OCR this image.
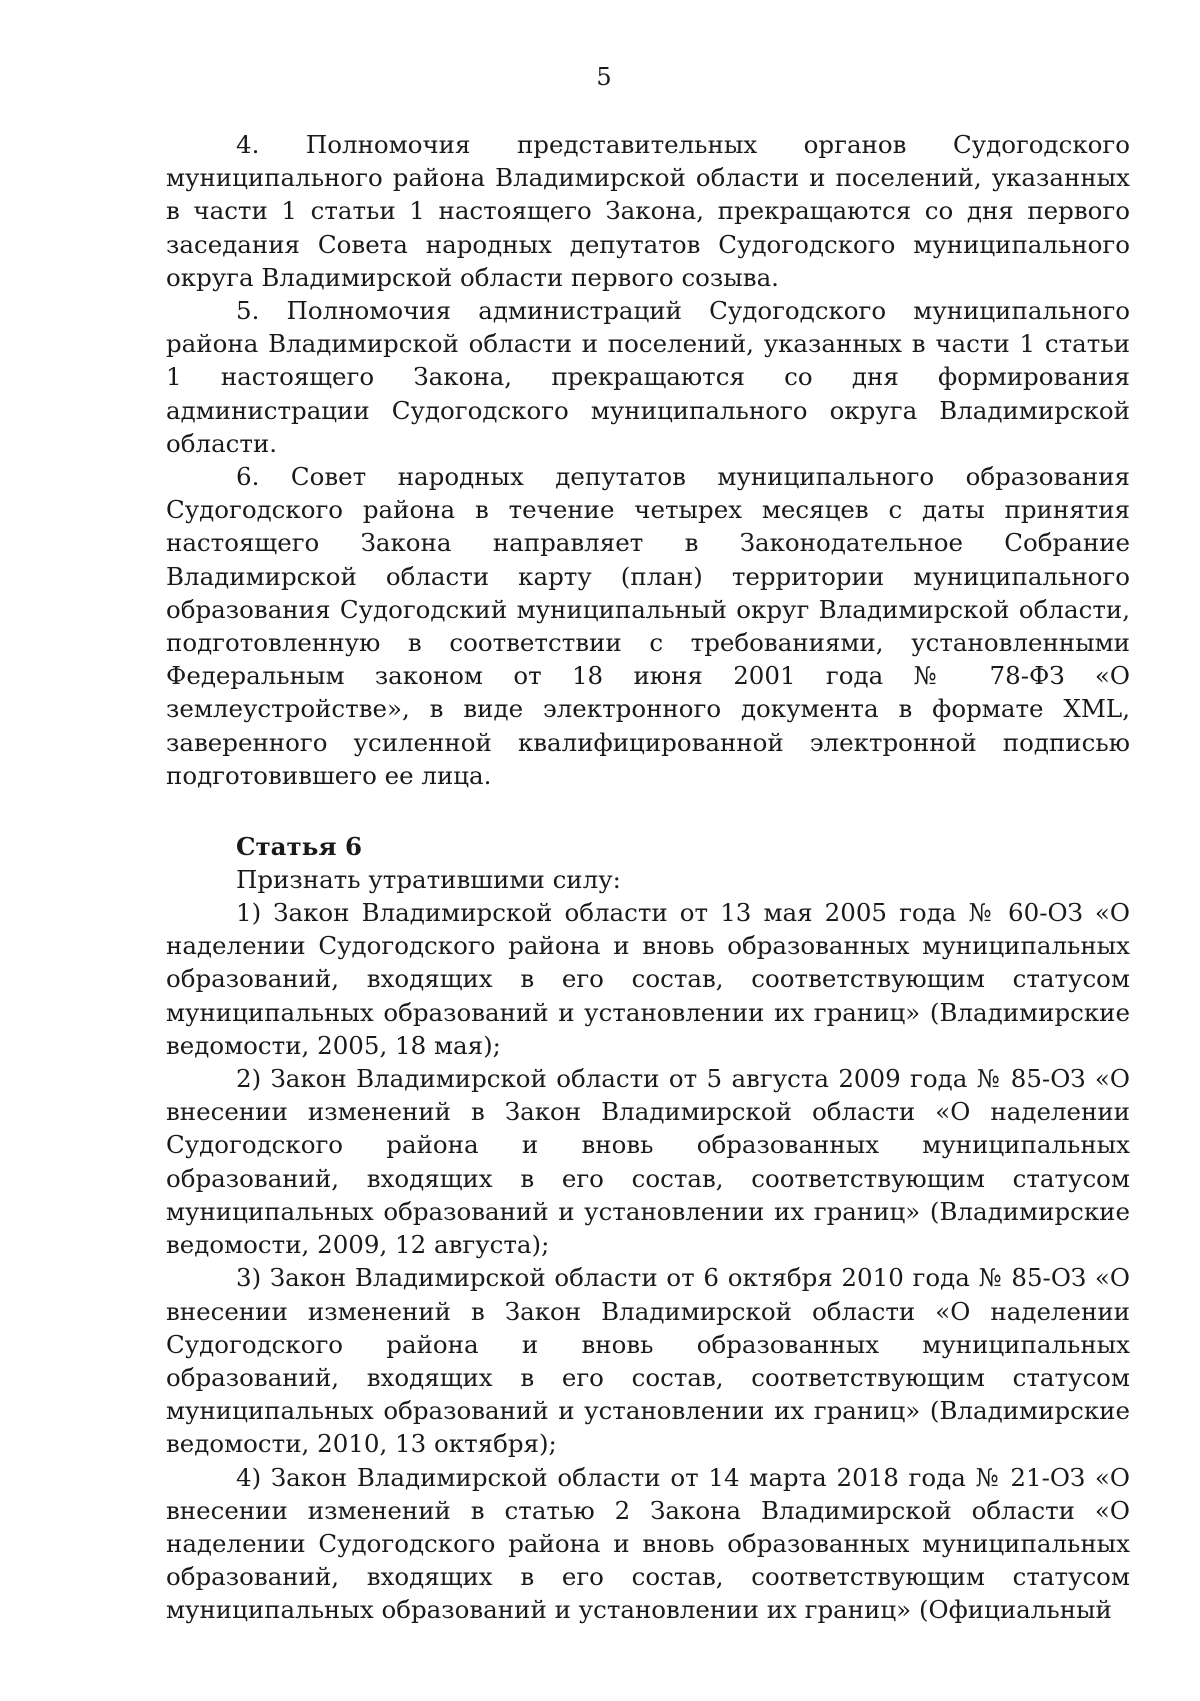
5

4. Полномочия представительных органов Судогодского муниципального района Владимирской области и поселений, указанных в части 1 статьи 1 настоящего Закона, прекращаются со дня первого заседания Совета народных депутатов Судогодского муниципального округа Владимирской области первого созыва.

5. Полномочия администраций Судогодского муниципального района Владимирской области и поселений, указанных в части 1 статьи 1 настоящего Закона, прекращаются со дня формирования администрации Судогодского муниципального округа Владимирской области.

6. Совет народных депутатов муниципального образования Судогодского района в течение четырех месяцев с даты принятия настоящего Закона направляет в Законодательное Собрание Владимирской области карту (план) территории муниципального образования Судогодский муниципальный округ Владимирской области, подготовленную в соответствии с требованиями, установленными Федеральным законом от 18 июня 2001 года № 78-ФЗ «О землеустройстве», в виде электронного документа в формате XML, заверенного усиленной квалифицированной электронной подписью подготовившего ее лица.

Статья 6
Признать утратившими силу:

1) Закон Владимирской области от 13 мая 2005 года № 60-ОЗ «О наделении Судогодского района и вновь образованных муниципальных образований, входящих в его состав, соответствующим статусом муниципальных образований и установлении их границ» (Владимирские ведомости, 2005, 18 мая);

2) Закон Владимирской области от 5 августа 2009 года № 85-ОЗ «О внесении изменений в Закон Владимирской области «О наделении Судогодского района и вновь образованных муниципальных образований, входящих в его состав, соответствующим статусом муниципальных образований и установлении их границ» (Владимирские ведомости, 2009, 12 августа);

3) Закон Владимирской области от 6 октября 2010 года № 85-ОЗ «О внесении изменений в Закон Владимирской области «О наделении Судогодского района и вновь образованных муниципальных образований, входящих в его состав, соответствующим статусом муниципальных образований и установлении их границ» (Владимирские ведомости, 2010, 13 октября);

4) Закон Владимирской области от 14 марта 2018 года № 21-ОЗ «О внесении изменений в статью 2 Закона Владимирской области «О наделении Судогодского района и вновь образованных муниципальных образований, входящих в его состав, соответствующим статусом муниципальных образований и установлении их границ» (Официальный
